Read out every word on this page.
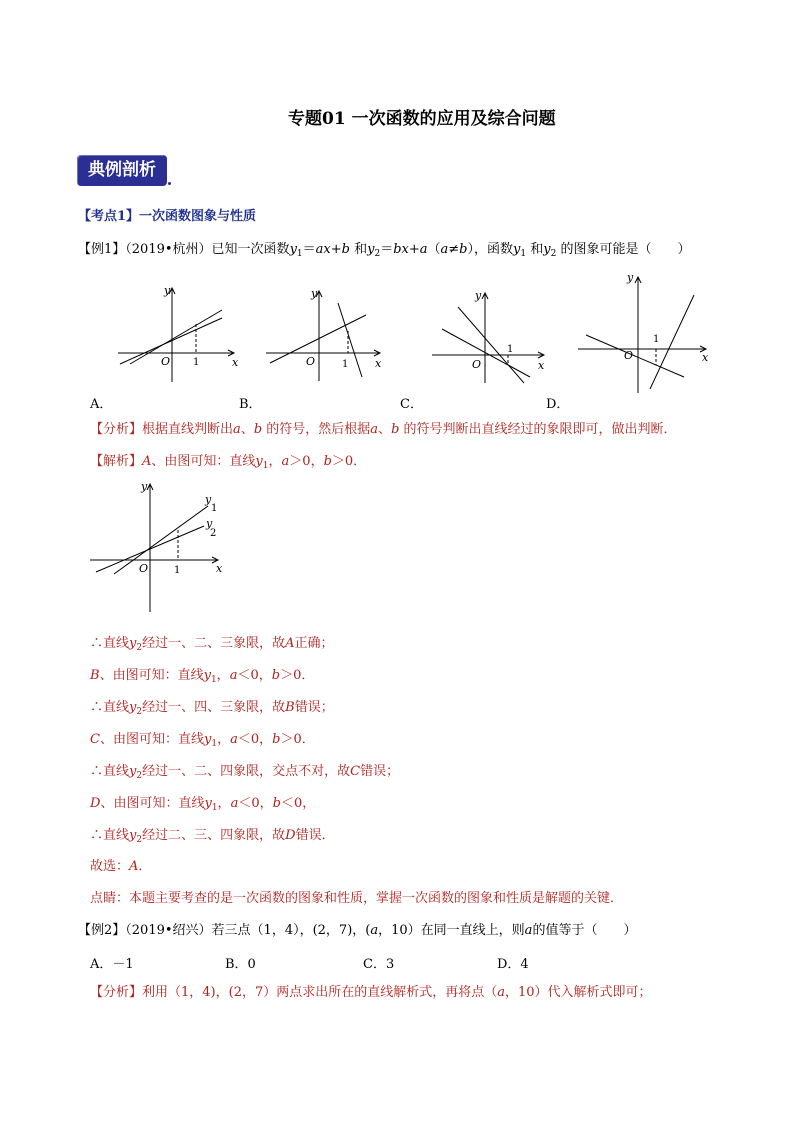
专题01 一次函数的应用及综合问题
典例剖析
【考点1】一次函数图象与性质
【例1】（2019•杭州）已知一次函数$y_1=ax+b$ 和$y_2=bx+a(a\ne b)$，函数$y_1$ 和$y_2$ 的图象可能是（　　）
y
x
O 1
y
x
O	1
y
x
O
1
y
x
O
1
A．	B．	C．	D．
【分析】根据直线判断出a、b 的符号，然后根据a、b 的符号判断出直线经过的象限即可，做出判断．
【解析】A、由图可知：直线$y_1$，a＞0，b＞0．
y
x
O	1
y
1
y
2
∴直线$y_2$经过一、二、三象限，故A正确；
B、由图可知：直线$y_1$，a＜0，b＞0．
∴直线$y_2$经过一、四、三象限，故B错误；
C、由图可知：直线$y_1$，a＜0，b＞0．
∴直线$y_2$经过一、二、四象限，交点不对，故C错误；
D、由图可知：直线$y_1$，a＜0，b＜0，
∴直线$y_2$经过二、三、四象限，故D错误．
故选：A．
点睛：本题主要考查的是一次函数的图象和性质，掌握一次函数的图象和性质是解题的关键．
【例2】（2019•绍兴）若三点（1，4），(2，7)，(a，10）在同一直线上，则a的值等于（　　）
A．－1	B．0	C．3	D．4
【分析】利用（1，4)，(2，7）两点求出所在的直线解析式，再将点（a，10）代入解析式即可；
